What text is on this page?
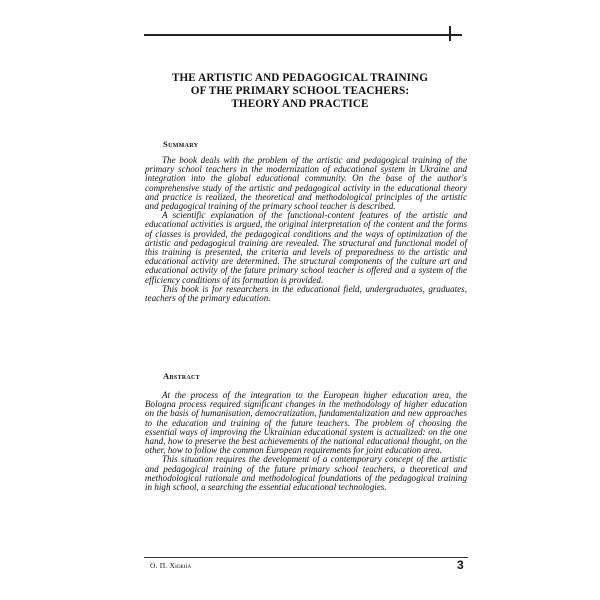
THE ARTISTIC AND PEDAGOGICAL TRAINING
OF THE PRIMARY SCHOOL TEACHERS:
THEORY AND PRACTICE
Summary

The book deals with the problem of the artistic and pedagogical training of the primary school teachers in the modernization of educational system in Ukraine and integration into the global educational community. On the base of the author's comprehensive study of the artistic and pedagogical activity in the educational theory and practice is realized, the theoretical and methodological principles of the artistic and pedagogical training of the primary school teacher is described.

A scientific explanation of the functional-content features of the artistic and educational activities is argued, the original interpretation of the content and the forms of classes is provided, the pedagogical conditions and the ways of optimization of the artistic and pedagogical training are revealed. The structural and functional model of this training is presented, the criteria and levels of preparedness to the artistic and educational activity are determined. The structural components of the culture art and educational activity of the future primary school teacher is offered and a system of the efficiency conditions of its formation is provided.

This book is for researchers in the educational field, undergraduates, graduates, teachers of the primary education.

Abstract

At the process of the integration to the European higher education area, the Bologna process required significant changes in the methodology of higher education on the basis of humanisation, democratization, fundamentalization and new approaches to the education and training of the future teachers. The problem of choosing the essential ways of improving the Ukrainian educational system is actualized: on the one hand, how to preserve the best achievements of the national educational thought, on the other, how to follow the common European requirements for joint education area.

This situation requires the development of a contemporary concept of the artistic and pedagogical training of the future primary school teachers, a theoretical and methodological rationale and methodological foundations of the pedagogical training in high school, a searching the essential educational technologies.

О. П. Хижна	3
